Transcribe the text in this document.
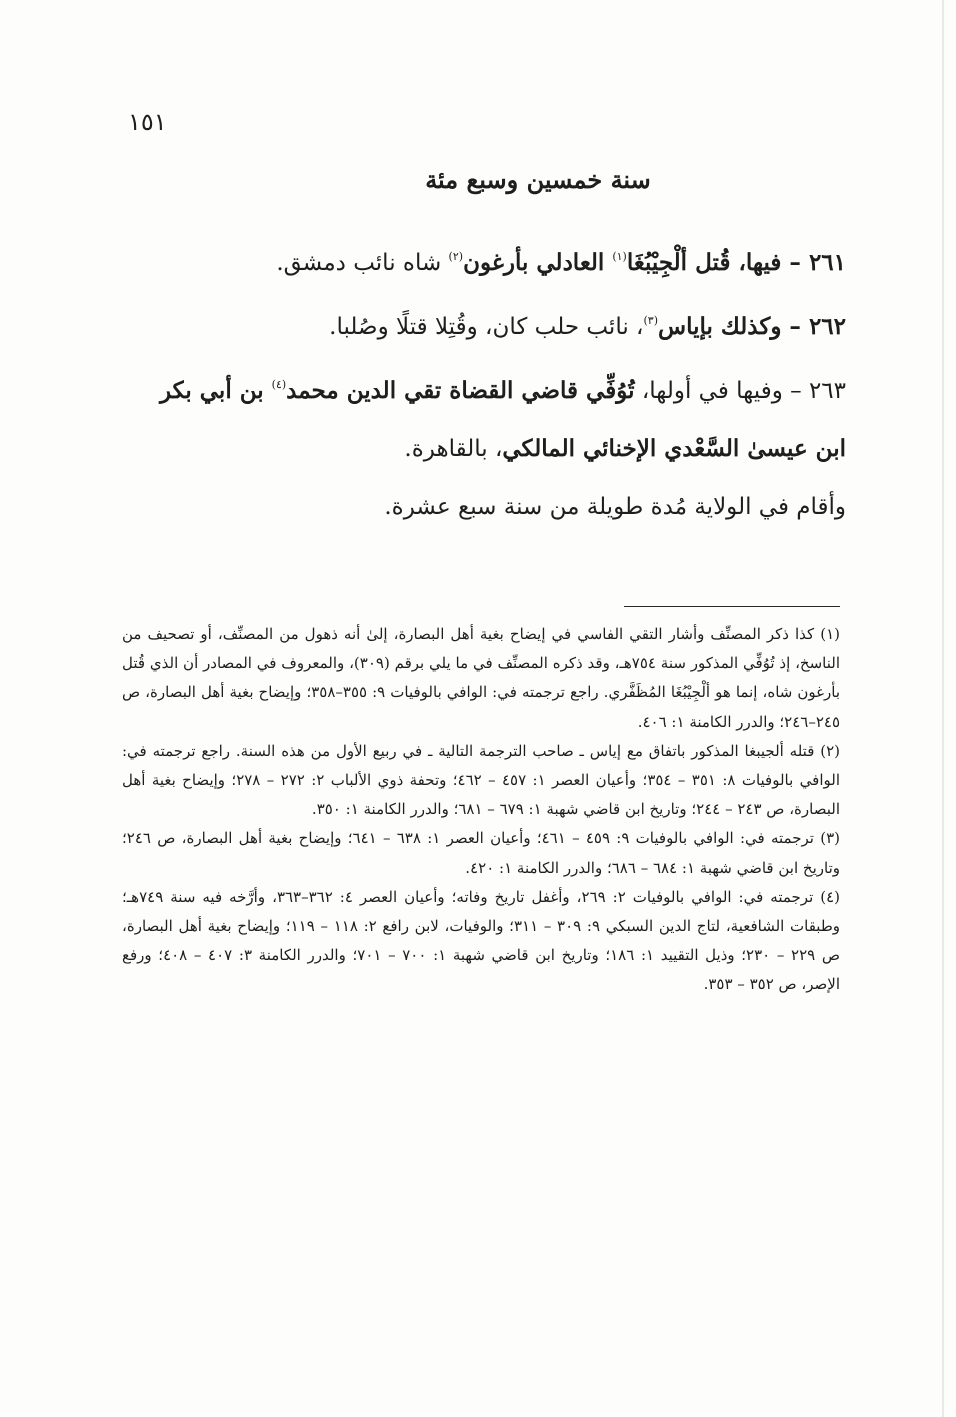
١٥١
سنة خمسين وسبع مئة

٢٦١ – فيها، قُتل ألْجِيْبُغَا$^{(١)}$ العادلي بأرغون$^{(٢)}$ شاه نائب دمشق.

٢٦٢ – وكذلك بإياس$^{(٣)}$، نائب حلب كان، وقُتِلا قتلًا وصُلبا.

٢٦٣ – وفيها في أولها، تُوُفِّي قاضي القضاة تقي الدين محمد$^{(٤)}$ بن أبي بكر

ابن عيسىٰ السَّعْدي الإخنائي المالكي، بالقاهرة.

وأقام في الولاية مُدة طويلة من سنة سبع عشرة.

(١) كذا ذكر المصنِّف وأشار التقي الفاسي في إيضاح بغية أهل البصارة، إلىٰ أنه ذهول من المصنِّف، أو تصحيف من الناسخ، إذ تُوُفِّي المذكور سنة ٧٥٤هـ، وقد ذكره المصنِّف في ما يلي برقم (٣٠٩)، والمعروف في المصادر أن الذي قُتل بأرغون شاه، إنما هو ألْجِيْبُغَا المُظَفَّري. راجع ترجمته في: الوافي بالوفيات ٩: ٣٥٥–٣٥٨؛ وإيضاح بغية أهل البصارة، ص ٢٤٥–٢٤٦؛ والدرر الكامنة ١: ٤٠٦.

(٢) قتله ألجيبغا المذكور باتفاق مع إياس ـ صاحب الترجمة التالية ـ في ربيع الأول من هذه السنة. راجع ترجمته في: الوافي بالوفيات ٨: ٣٥١ – ٣٥٤؛ وأعيان العصر ١: ٤٥٧ – ٤٦٢؛ وتحفة ذوي الألباب ٢: ٢٧٢ – ٢٧٨؛ وإيضاح بغية أهل البصارة، ص ٢٤٣ – ٢٤٤؛ وتاريخ ابن قاضي شهبة ١: ٦٧٩ – ٦٨١؛ والدرر الكامنة ١: ٣٥٠.

(٣) ترجمته في: الوافي بالوفيات ٩: ٤٥٩ – ٤٦١؛ وأعيان العصر ١: ٦٣٨ – ٦٤١؛ وإيضاح بغية أهل البصارة، ص ٢٤٦؛ وتاريخ ابن قاضي شهبة ١: ٦٨٤ – ٦٨٦؛ والدرر الكامنة ١: ٤٢٠.

(٤) ترجمته في: الوافي بالوفيات ٢: ٢٦٩، وأغفل تاريخ وفاته؛ وأعيان العصر ٤: ٣٦٢–٣٦٣، وأرَّخه فيه سنة ٧٤٩هـ؛ وطبقات الشافعية، لتاج الدين السبكي ٩: ٣٠٩ – ٣١١؛ والوفيات، لابن رافع ٢: ١١٨ – ١١٩؛ وإيضاح بغية أهل البصارة، ص ٢٢٩ – ٢٣٠؛ وذيل التقييد ١: ١٨٦؛ وتاريخ ابن قاضي شهبة ١: ٧٠٠ – ٧٠١؛ والدرر الكامنة ٣: ٤٠٧ – ٤٠٨؛ ورفع الإصر، ص ٣٥٢ – ٣٥٣.
